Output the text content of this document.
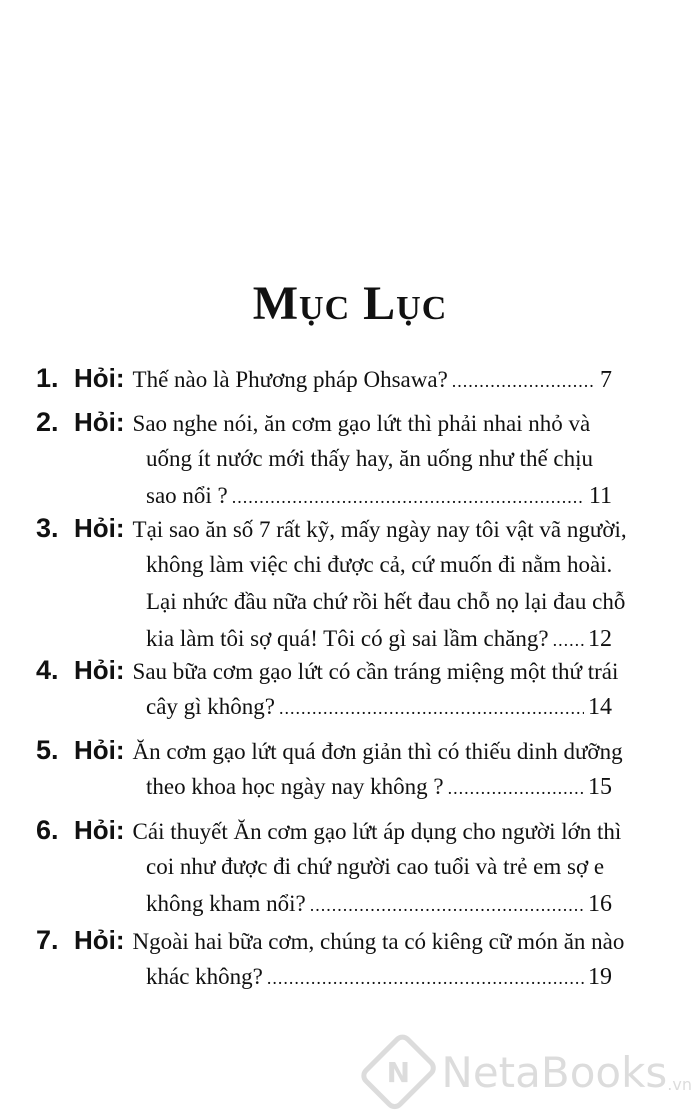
Mục Lục
1. Hỏi: Thế nào là Phương pháp Ohsawa? .....	7
2. Hỏi: Sao nghe nói, ăn cơm gạo lứt thì phải nhai nhỏ và
uống ít nước mới thấy hay, ăn uống như thế chịu
sao nổi ? .....	11
3. Hỏi: Tại sao ăn số 7 rất kỹ, mấy ngày nay tôi vật vã người,
không làm việc chi được cả, cứ muốn đi nằm hoài.
Lại nhức đầu nữa chứ rồi hết đau chỗ nọ lại đau chỗ
kia làm tôi sợ quá! Tôi có gì sai lầm chăng? ..... 12
4. Hỏi: Sau bữa cơm gạo lứt có cần tráng miệng một thứ trái
cây gì không? .....	14
5. Hỏi: Ăn cơm gạo lứt quá đơn giản thì có thiếu dinh dưỡng
theo khoa học ngày nay không ? .....	15
6. Hỏi: Cái thuyết Ăn cơm gạo lứt áp dụng cho người lớn thì
coi như được đi chứ người cao tuổi và trẻ em sợ e
không kham nổi? .....	16
7. Hỏi: Ngoài hai bữa cơm, chúng ta có kiêng cữ món ăn nào
khác không? .....	19
N NetaBooks .vn
